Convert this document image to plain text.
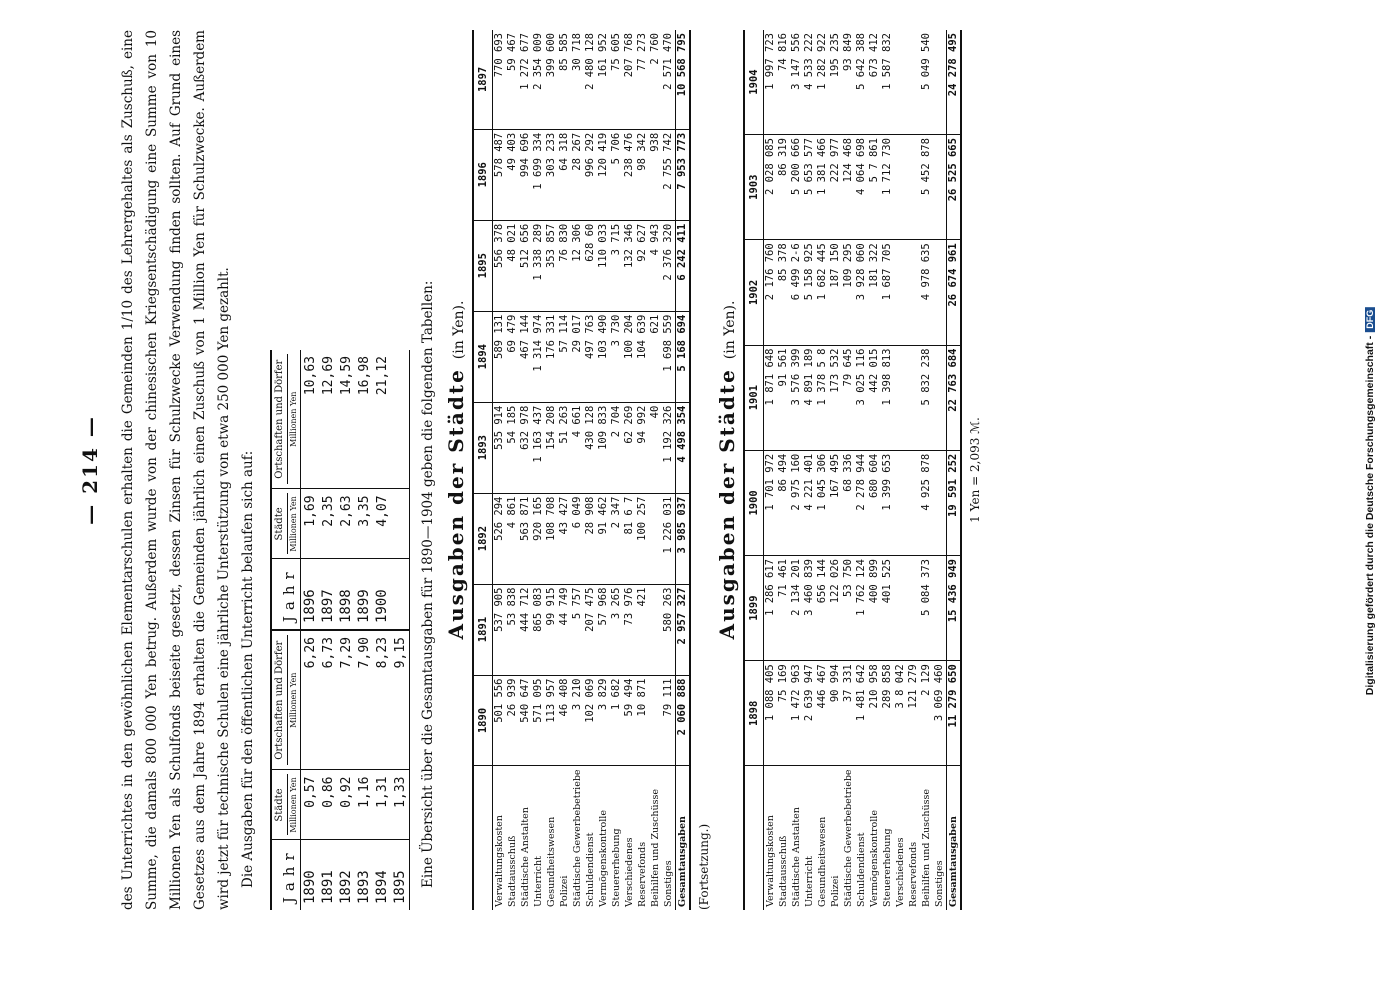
— 214 — des Unterrichtes in den gewöhnlichen Elementarschulen erhalten die Gemeinden 1/10 des Lehrergehaltes als Zuschuß, eine Summe, die damals 800 000 Yen betrug. Außerdem wurde von der chinesischen Kriegsentschädigung eine Summe von 10 Millionen Yen als Schulfonds beiseite gesetzt, dessen Zinsen für Schulzwecke Verwendung finden sollten. Auf Grund eines Gesetzes aus dem Jahre 1894 erhalten die Gemeinden jährlich einen Zuschuß von 1 Million Yen für Schulzwecke. Außerdem wird jetzt für technische Schulen eine jährliche Unterstützung von etwa 250 000 Yen gezahlt. Die Ausgaben für den öffentlichen Unterricht belaufen sich auf: Jahr	Städte Millionen Yen	Ortschaften und Dörfer Millionen Yen	Jahr	Städte Millionen Yen	Ortschaften und Dörfer Millionen Yen

1890	0,57	6,26	1896	1,69	10,63
1891	0,86	6,73	1897	2,35	12,69
1892	0,92	7,29	1898	2,63	14,59
1893	1,16	7,90	1899	3,35	16,98
1894	1,31	8,23	1900	4,07	21,12
1895	1,33	9,15			Eine Übersicht über die Gesamtausgaben für 1890—1904 geben die folgenden Tabellen: Ausgaben der Städte (in Yen).
	1890	1891	1892	1893	1894	1895	1896	1897
Verwaltungskosten	501 556	537 905	526 294	535 914	589 131	556 378	578 487	770 693
Stadtausschuß	26 939	53 838	4 861	54 185	69 479	48 021	49 403	59 467
Städtische Anstalten	540 647	444 712	563 871	632 978	467 144	512 656	994 696	1 272 677
Unterricht	571 095	865 083	920 165	1 163 437	1 314 974	1 338 289	1 699 334	2 354 009
Gesundheitswesen	113 957	99 915	108 708	154 208	176 331	353 857	303 233	399 600
Polizei	46 408	44 749	43 427	51 263	57 114	76 830	64 318	85 585
Städtische Gewerbebetriebe	3 210	5 757	6 049	4 661	29 017	12 306	28 267	30 718
Schuldendienst	102 069	207 475	28 908	430 128	497 763	628 60	996 292	2 480 128
Vermögenskontrolle	3 829	57 968	91 462	109 833	103 490	110 033	120 419	161 952
Steuererhebung	1 682	3 265	2 347	2 704	3 730	3 715	5 706	75 605
Verschiedenes	59 494	73 976	81 6 7	62 269	100 204	132 346	238 476	207 768
Reservefonds	10 871	421	100 257	94 992	104 639	92 627	98 342	77 273
Beihilfen und Zuschüsse				40	621	4 943	938	2 760
Sonstiges	79 111	580 263	1 226 031	1 192 326	1 698 559	2 376 320	2 755 742	2 571 470
Gesamtausgaben	2 060 888	2 957 327	3 985 037	4 498 354	5 168 694	6 242 411	7 953 773	10 568 795
(Fortsetzung.)
Ausgaben der Städte (in Yen).
	1898	1899	1900	1901	1902	1903	1904
Verwaltungskosten	1 088 405	1 286 617	1 701 972	1 871 648	2 176 760	2 028 085	1 997 723
Stadtausschuß	75 169	71 461	86 494	91 561	85 378	86 319	74 816
Städtische Anstalten	1 472 963	2 134 201	2 975 160	3 576 399	6 499 2-6	5 200 666	3 147 556
Unterricht	2 639 947	3 460 839	4 221 401	4 891 189	5 158 925	5 653 577	4 533 222
Gesundheitswesen	446 467	656 144	1 045 306	1 378 5 8	1 682 445	1 381 466	1 282 922
Polizei	90 994	122 026	167 495	173 532	187 150	222 977	195 235
Städtische Gewerbebetriebe	37 331	53 750	68 336	79 645	109 295	124 468	93 849
Schuldendienst	1 481 642	1 762 124	2 278 944	3 025 116	3 928 060	4 064 698	5 642 388
Vermögenskontrolle	210 958	400 899	680 604	442 015	181 322	5 7 861	673 412
Steuererhebung	289 858	401 525	1 399 653	1 398 813	1 687 705	1 712 730	1 587 832
Verschiedenes	3 8 042						
Reservefonds	121 279						
Beihilfen und Zuschüsse	2 129	5 084 373	4 925 878	5 832 238	4 978 635	5 452 878	5 049 540
Sonstiges	3 069 460						
Gesamtausgaben	11 279 650	15 436 949	19 591 252	22 763 684	26 674 961	26 525 665	24 278 495
1 Yen = 2,093 ℳ.	Digitalisierung gefördert durch die Deutsche Forschungsgemeinschaft -DFG
